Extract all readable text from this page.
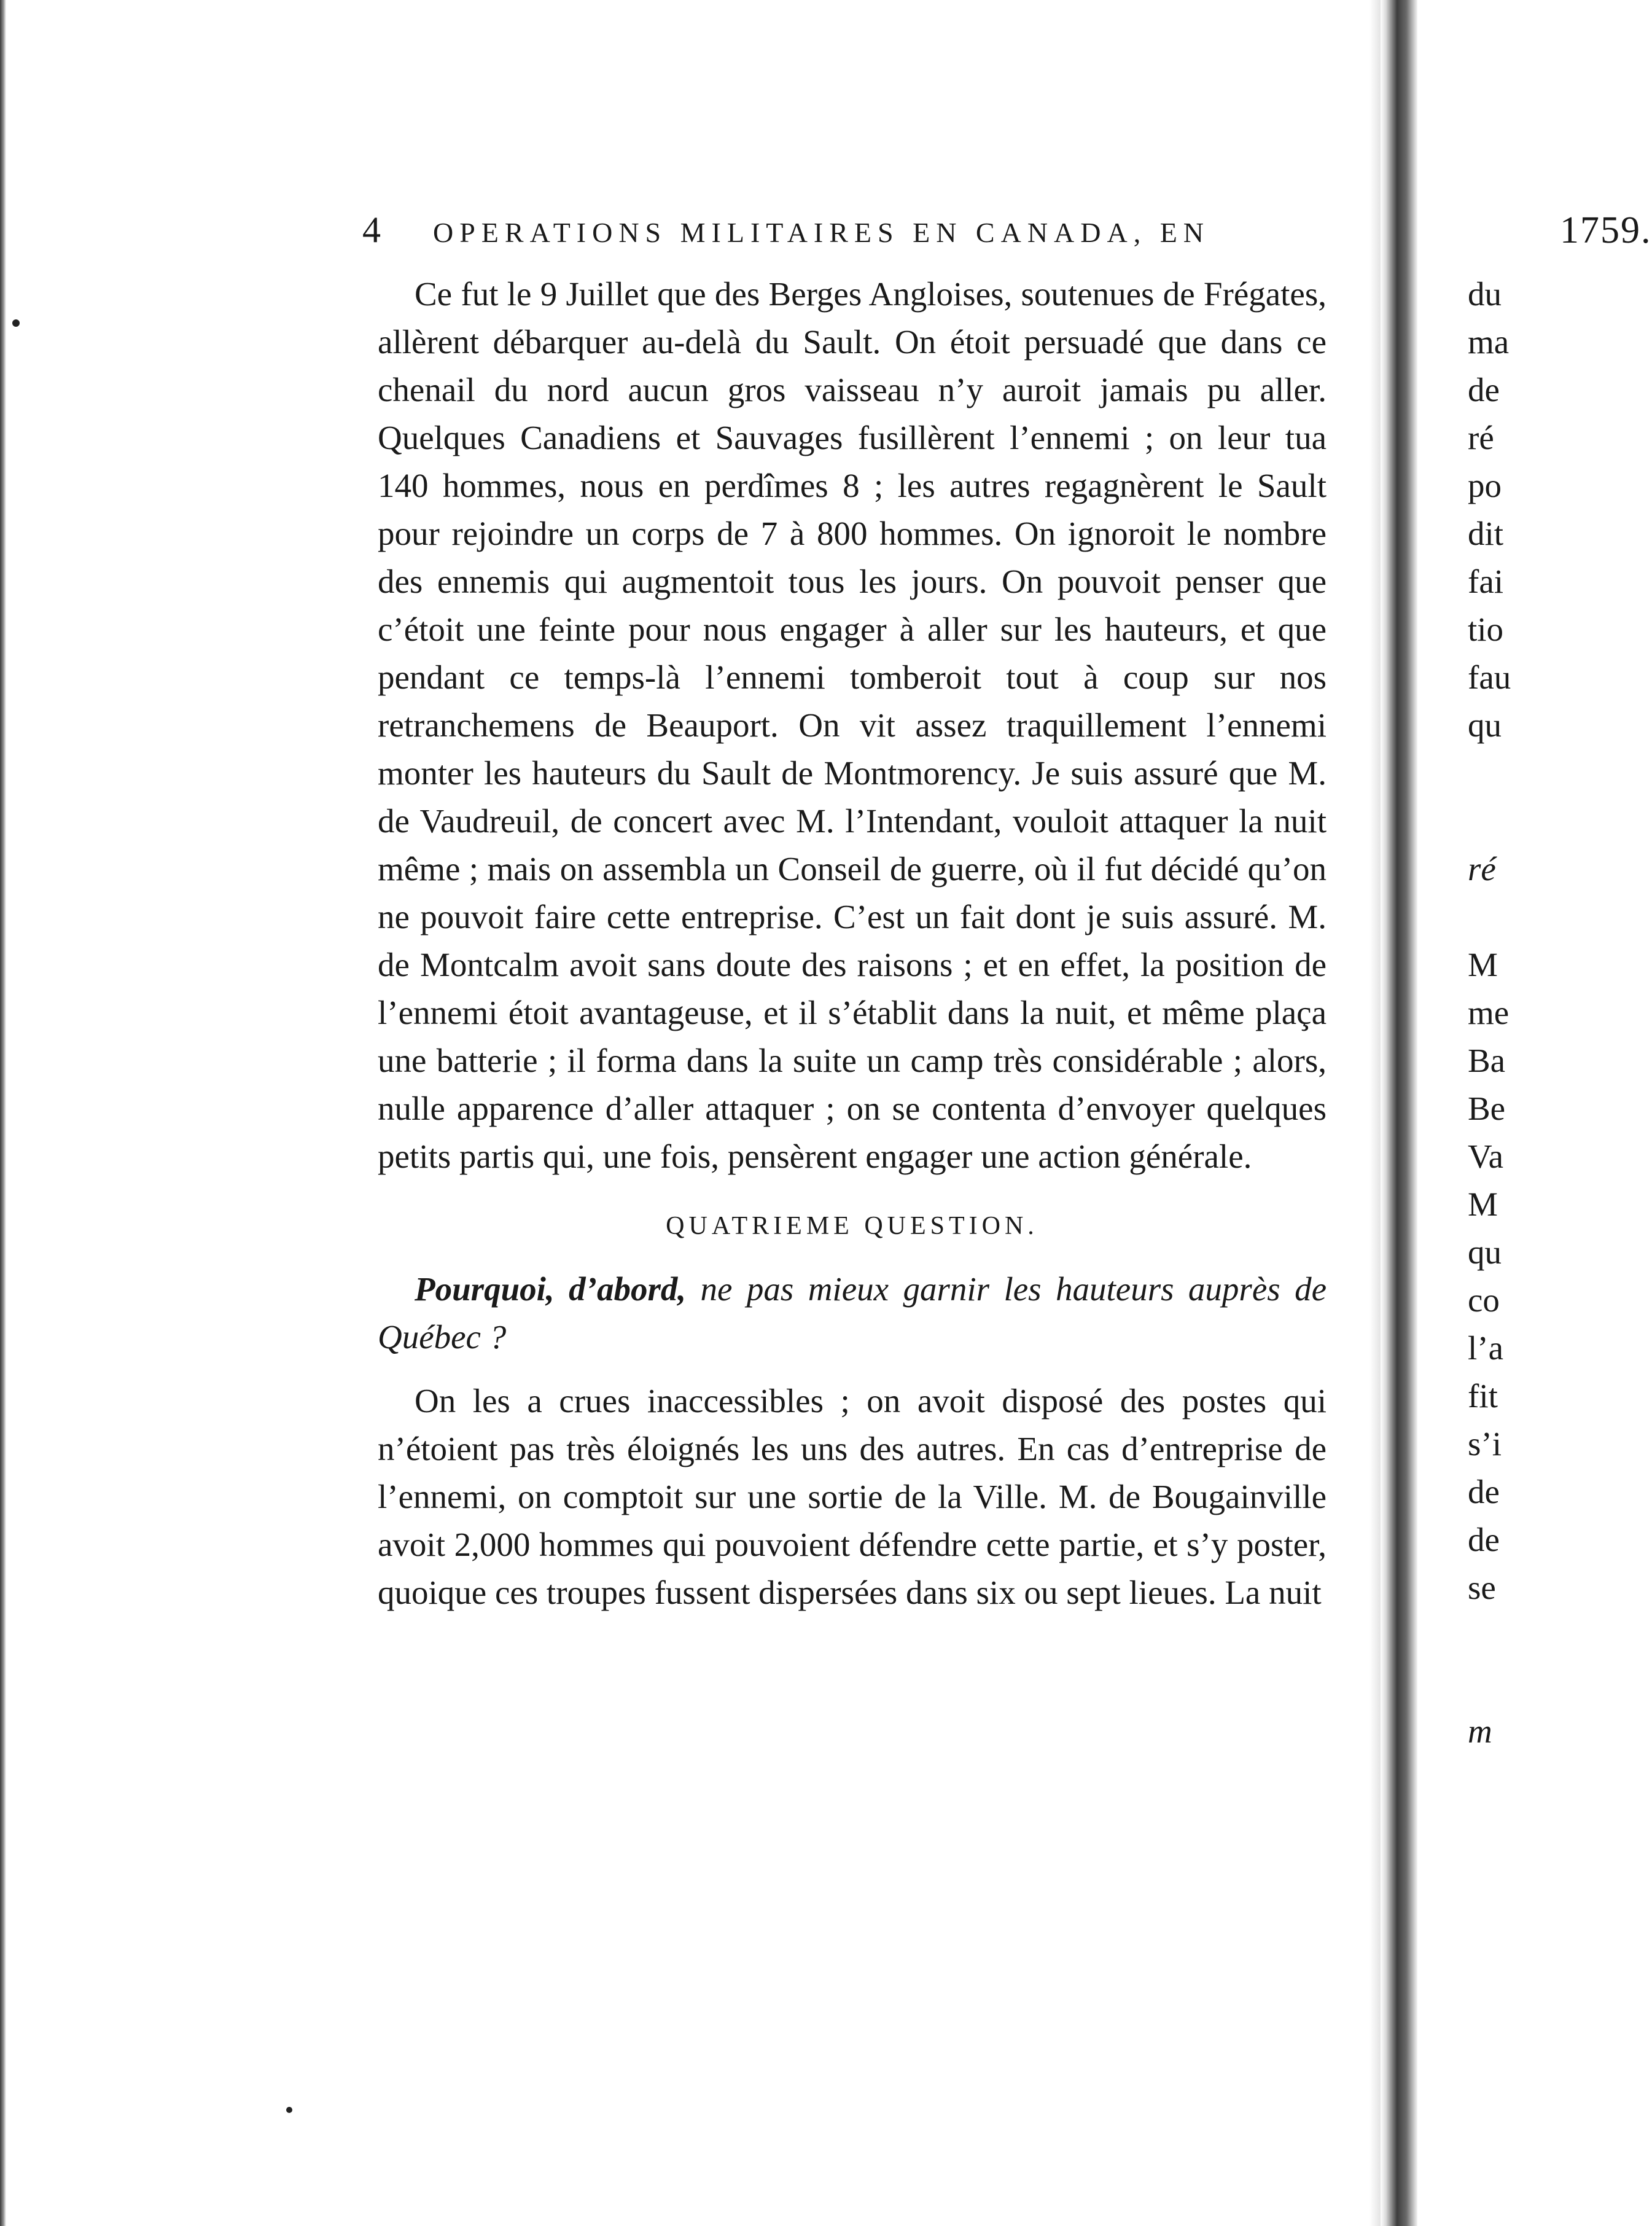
4 OPERATIONS MILITAIRES EN CANADA, EN	1759.

Ce fut le 9 Juillet que des Berges Angloises, soutenues de Frégates, allèrent débarquer au-delà du Sault. On étoit persuadé que dans ce chenail du nord aucun gros vaisseau n’y auroit jamais pu aller. Quelques Canadiens et Sauvages fusillèrent l’ennemi ; on leur tua 140 hommes, nous en perdîmes 8 ; les autres regagnèrent le Sault pour rejoindre un corps de 7 à 800 hommes. On ignoroit le nombre des ennemis qui augmentoit tous les jours. On pouvoit penser que c’étoit une feinte pour nous engager à aller sur les hauteurs, et que pendant ce temps-là l’ennemi tomberoit tout à coup sur nos retranchemens de Beauport. On vit assez traquillement l’ennemi monter les hauteurs du Sault de Montmorency. Je suis assuré que M. de Vaudreuil, de concert avec M. l’Intendant, vouloit attaquer la nuit même ; mais on assembla un Conseil de guerre, où il fut décidé qu’on ne pouvoit faire cette entreprise. C’est un fait dont je suis assuré. M. de Montcalm avoit sans doute des raisons ; et en effet, la position de l’ennemi étoit avantageuse, et il s’établit dans la nuit, et même plaça une batterie ; il forma dans la suite un camp très considérable ; alors, nulle apparence d’aller attaquer ; on se contenta d’envoyer quelques petits partis qui, une fois, pensèrent engager une action générale.

QUATRIEME QUESTION.

Pourquoi, d’abord, ne pas mieux garnir les hauteurs auprès de Québec ?

On les a crues inaccessibles ; on avoit disposé des postes qui n’étoient pas très éloignés les uns des autres. En cas d’entreprise de l’ennemi, on comptoit sur une sortie de la Ville. M. de Bougainville avoit 2,000 hommes qui pouvoient défendre cette partie, et s’y poster, quoique ces troupes fussent dispersées dans six ou sept lieues. La nuit

du
ma
de
ré
po
dit
fai
tio
fau
qu
ré
M
me
Ba
Be
Va
M
qu
co
l’a
fit
s’i
de
de
se
m
